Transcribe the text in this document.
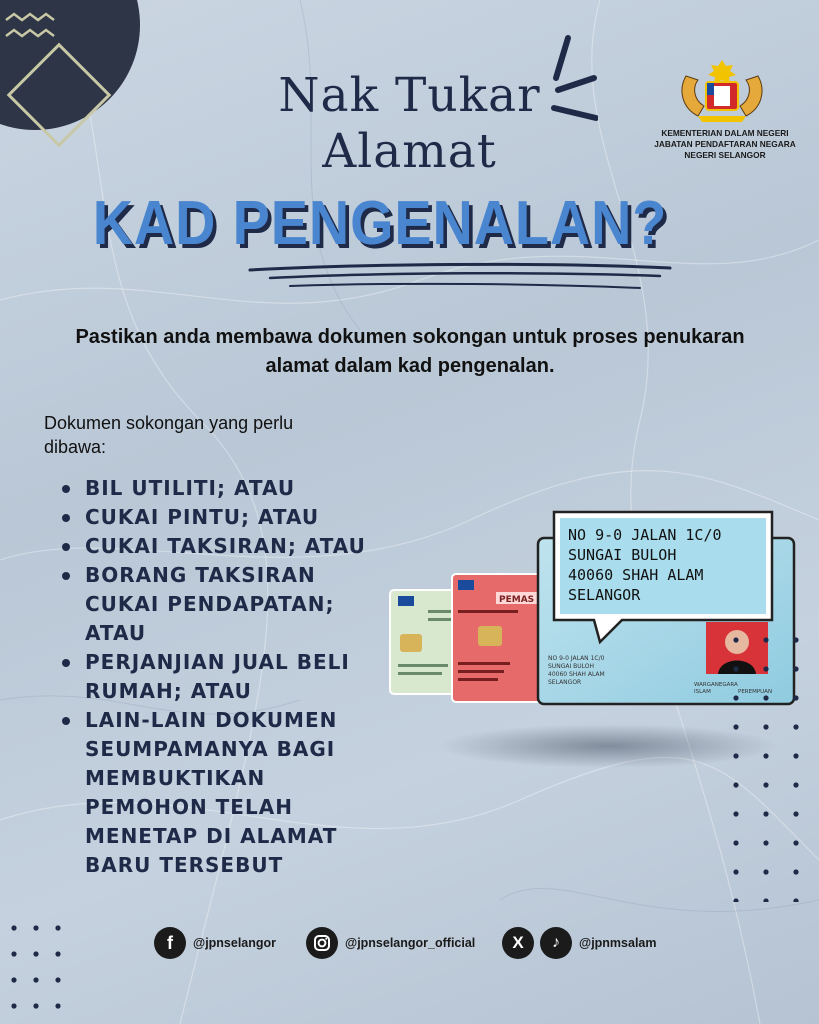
Nak Tukar
Alamat
KAD PENGENALAN?
KEMENTERIAN DALAM NEGERI
JABATAN PENDAFTARAN NEGARA
NEGERI SELANGOR
Pastikan anda membawa dokumen sokongan untuk proses penukaran alamat dalam kad pengenalan.
Dokumen sokongan yang perlu dibawa:
BIL UTILITI; ATAU
CUKAI PINTU; ATAU
CUKAI TAKSIRAN; ATAU
BORANG TAKSIRAN CUKAI PENDAPATAN; ATAU
PERJANJIAN JUAL BELI RUMAH; ATAU
LAIN-LAIN DOKUMEN SEUMPAMANYA BAGI MEMBUKTIKAN PEMOHON TELAH MENETAP DI ALAMAT BARU TERSEBUT
PEMAS
NO 9-0 JALAN 1C/0
SUNGAI BULOH
40060 SHAH ALAM
SELANGOR	WARGANEGARA
ISLAM	PEREMPUAN
NO 9-0 JALAN 1C/0
SUNGAI BULOH
40060 SHAH ALAM
SELANGOR
f	@jpnselangor	@jpnselangor_official	X	♪	@jpnmsalam
